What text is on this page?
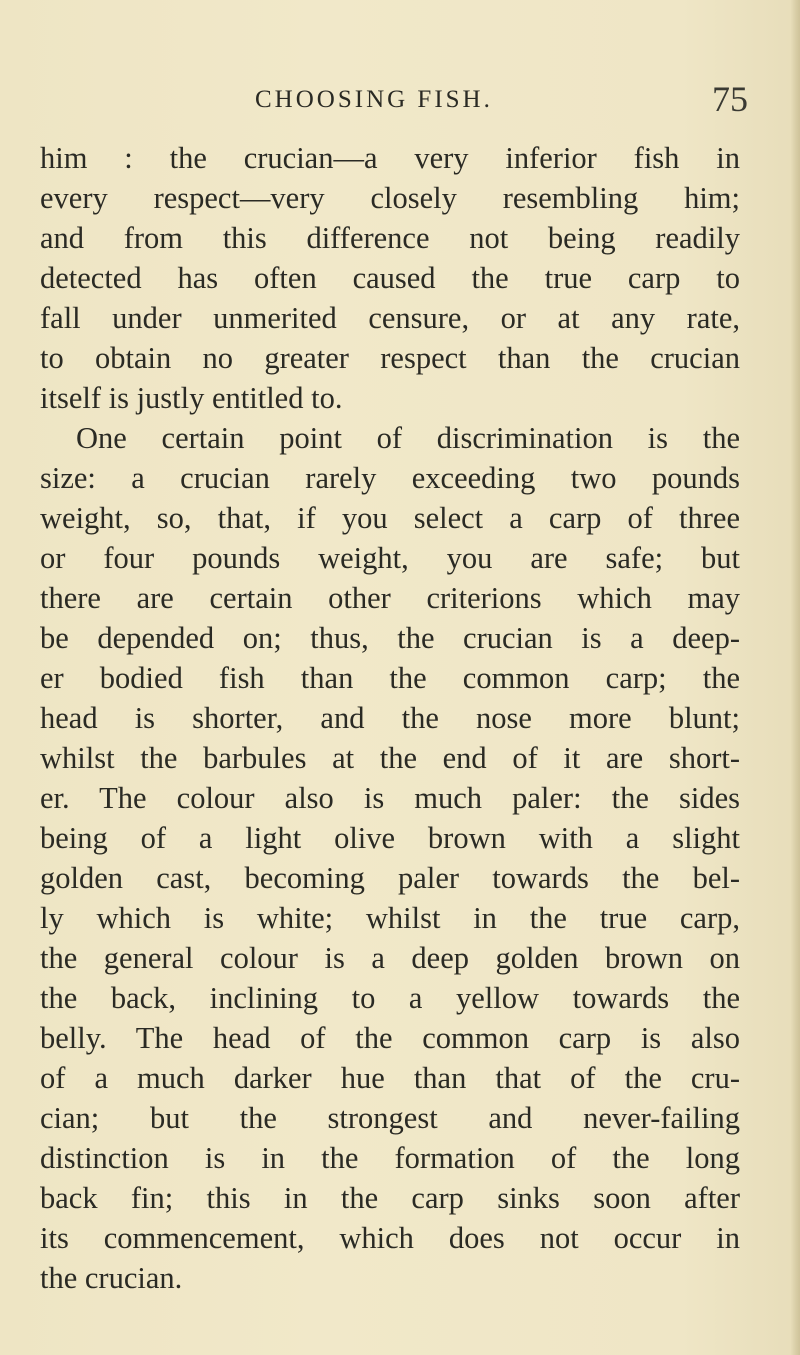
CHOOSING FISH.	75
him : the crucian—a very inferior fish in
every respect—very closely resembling him;
and from this difference not being readily
detected has often caused the true carp to
fall under unmerited censure, or at any rate,
to obtain no greater respect than the crucian
itself is justly entitled to.
One certain point of discrimination is the
size: a crucian rarely exceeding two pounds
weight, so, that, if you select a carp of three
or four pounds weight, you are safe; but
there are certain other criterions which may
be depended on; thus, the crucian is a deep-
er bodied fish than the common carp; the
head is shorter, and the nose more blunt;
whilst the barbules at the end of it are short-
er. The colour also is much paler: the sides
being of a light olive brown with a slight
golden cast, becoming paler towards the bel-
ly which is white; whilst in the true carp,
the general colour is a deep golden brown on
the back, inclining to a yellow towards the
belly. The head of the common carp is also
of a much darker hue than that of the cru-
cian; but the strongest and never-failing
distinction is in the formation of the long
back fin; this in the carp sinks soon after
its commencement, which does not occur in
the crucian.
